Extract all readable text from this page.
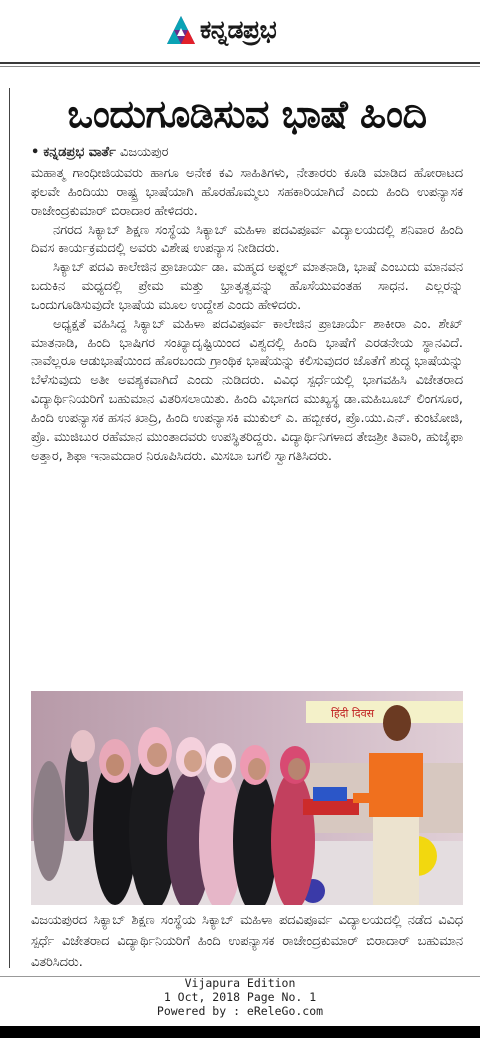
ಕನ್ನಡಪ್ರಭ
ಒಂದುಗೂಡಿಸುವ ಭಾಷೆ ಹಿಂದಿ
• ಕನ್ನಡಪ್ರಭ ವಾರ್ತೆ ವಿಜಯಪುರ

ಮಹಾತ್ಮ ಗಾಂಧೀಜಿಯವರು ಹಾಗೂ ಅನೇಕ ಕವಿ ಸಾಹಿತಿಗಳು, ನೇತಾರರು ಕೂಡಿ ಮಾಡಿದ ಹೋರಾಟದ ಫಲವೇ ಹಿಂದಿಯು ರಾಷ್ಟ್ರ ಭಾಷೆಯಾಗಿ ಹೊರಹೊಮ್ಮಲು ಸಹಕಾರಿಯಾಗಿದೆ ಎಂದು ಹಿಂದಿ ಉಪನ್ಯಾಸಕ ರಾಜೇಂದ್ರಕುಮಾರ್ ಬಿರಾದಾರ ಹೇಳಿದರು.

ನಗರದ ಸಿಕ್ಯಾಬ್ ಶಿಕ್ಷಣ ಸಂಸ್ಥೆಯ ಸಿಕ್ಯಾಬ್ ಮಹಿಳಾ ಪದವಿಪೂರ್ವ ವಿದ್ಯಾಲಯದಲ್ಲಿ ಶನಿವಾರ ಹಿಂದಿ ದಿವಸ ಕಾರ್ಯಕ್ರಮದಲ್ಲಿ ಅವರು ವಿಶೇಷ ಉಪನ್ಯಾಸ ನೀಡಿದರು.

ಸಿಕ್ಯಾಬ್ ಪದವಿ ಕಾಲೇಜಿನ ಪ್ರಾಚಾರ್ಯ ಡಾ. ಮಹ್ಮದ ಅಫ್ಜಲ್ ಮಾತನಾಡಿ, ಭಾಷೆ ಎಂಬುದು ಮಾನವನ ಬದುಕಿನ ಮಧ್ಯದಲ್ಲಿ ಪ್ರೇಮ ಮತ್ತು ಭ್ರಾತೃತ್ವವನ್ನು ಹೊಸೆಯುವಂತಹ ಸಾಧನ. ಎಲ್ಲರನ್ನು ಒಂದುಗೂಡಿಸುವುದೇ ಭಾಷೆಯ ಮೂಲ ಉದ್ದೇಶ ಎಂದು ಹೇಳಿದರು.

ಅಧ್ಯಕ್ಷತೆ ವಹಿಸಿದ್ದ ಸಿಕ್ಯಾಬ್ ಮಹಿಳಾ ಪದವಿಪೂರ್ವ ಕಾಲೇಜಿನ ಪ್ರಾಚಾರ್ಯೆ ಶಾಕೀರಾ ಎಂ. ಶೇಖ್ ಮಾತನಾಡಿ, ಹಿಂದಿ ಭಾಷಿಗರ ಸಂಖ್ಯಾದೃಷ್ಟಿಯಿಂದ ವಿಶ್ವದಲ್ಲಿ ಹಿಂದಿ ಭಾಷೆಗೆ ಎರಡನೇಯ ಸ್ಥಾನವಿದೆ. ನಾವೆಲ್ಲರೂ ಆಡುಭಾಷೆಯಿಂದ ಹೊರಬಂದು ಗ್ರಾಂಥಿಕ ಭಾಷೆಯನ್ನು ಕಲಿಸುವುದರ ಜೊತೆಗೆ ಶುದ್ಧ ಭಾಷೆಯನ್ನು ಬೆಳೆಸುವುದು ಅತೀ ಅವಶ್ಯಕವಾಗಿದೆ ಎಂದು ನುಡಿದರು. ವಿವಿಧ ಸ್ಪರ್ಧೆಯಲ್ಲಿ ಭಾಗವಹಿಸಿ ವಿಜೇತರಾದ ವಿದ್ಯಾರ್ಥಿನಿಯರಿಗೆ ಬಹುಮಾನ ವಿತರಿಸಲಾಯಿತು. ಹಿಂದಿ ವಿಭಾಗದ ಮುಖ್ಯಸ್ಥ ಡಾ.ಮಹಿಬೂಬ್ ಲಿಂಗಸೂರ, ಹಿಂದಿ ಉಪನ್ಯಾಸಕ ಹಸನ ಖಾದ್ರಿ, ಹಿಂದಿ ಉಪನ್ಯಾಸಕಿ ಮುಕುಲ್ ಎ. ಹಬ್ಬೀಕರ, ಪ್ರೊ.ಯು.ಎನ್. ಕುಂಟೋಜಿ, ಪ್ರೊ. ಮುಜಿಬುರ ರಹೆಮಾನ ಮುಂತಾದವರು ಉಪಸ್ಥಿತರಿದ್ದರು. ವಿದ್ಯಾರ್ಥಿನಿಗಳಾದ ತೇಜಶ್ರೀ ತಿವಾರಿ, ಹುಜೈಫಾ ಅತ್ತಾರ, ಶಿಫಾ ಇನಾಮದಾರ ನಿರೂಪಿಸಿದರು. ಮಿಸಬಾ ಬಗಲಿ ಸ್ವಾಗತಿಸಿದರು.

हिंदी दिवस
ವಿಜಯಪುರದ ಸಿಕ್ಯಾಬ್ ಶಿಕ್ಷಣ ಸಂಸ್ಥೆಯ ಸಿಕ್ಯಾಬ್ ಮಹಿಳಾ ಪದವಿಪೂರ್ವ ವಿದ್ಯಾಲಯದಲ್ಲಿ ನಡೆದ ವಿವಿಧ ಸ್ಪರ್ಧೆ ವಿಜೇತರಾದ ವಿದ್ಯಾರ್ಥಿನಿಯರಿಗೆ ಹಿಂದಿ ಉಪನ್ಯಾಸಕ ರಾಜೇಂದ್ರಕುಮಾರ್ ಬಿರಾದಾರ್ ಬಹುಮಾನ ವಿತರಿಸಿದರು.
Vijapura Edition
1 Oct, 2018 Page No. 1
Powered by : eReleGo.com
